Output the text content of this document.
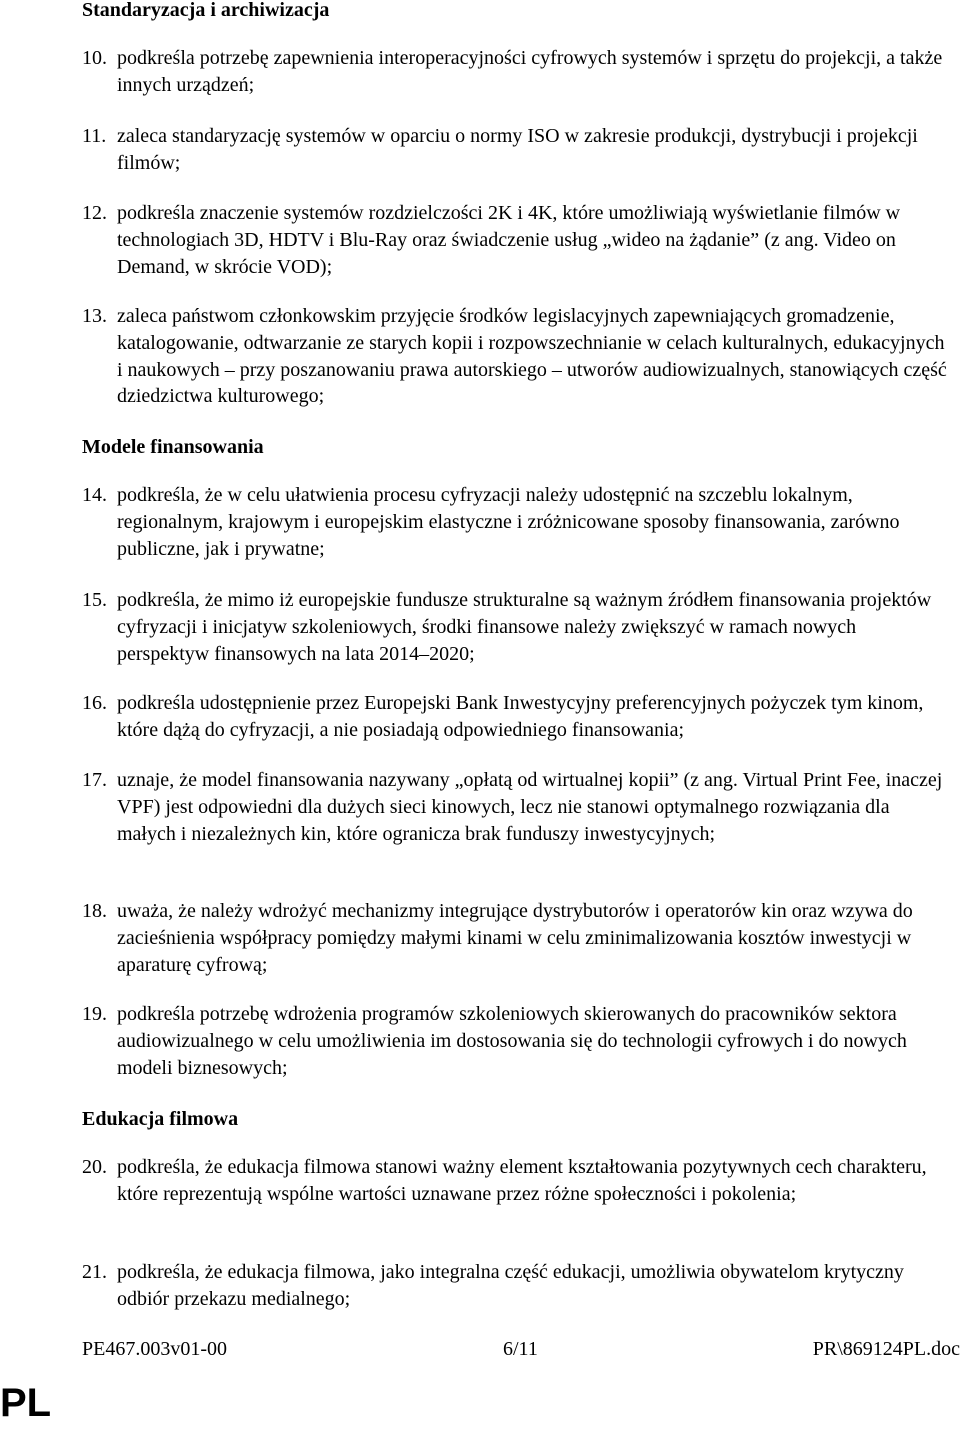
Standaryzacja i archiwizacja
10. podkreśla potrzebę zapewnienia interoperacyjności cyfrowych systemów i sprzętu do projekcji, a także innych urządzeń;
11. zaleca standaryzację systemów w oparciu o normy ISO w zakresie produkcji, dystrybucji i projekcji filmów;
12. podkreśla znaczenie systemów rozdzielczości 2K i 4K, które umożliwiają wyświetlanie filmów w technologiach 3D, HDTV i Blu-Ray oraz świadczenie usług „wideo na żądanie” (z ang. Video on Demand, w skrócie VOD);
13. zaleca państwom członkowskim przyjęcie środków legislacyjnych zapewniających gromadzenie, katalogowanie, odtwarzanie ze starych kopii i rozpowszechnianie w celach kulturalnych, edukacyjnych i naukowych – przy poszanowaniu prawa autorskiego – utworów audiowizualnych, stanowiących część dziedzictwa kulturowego;
Modele finansowania
14. podkreśla, że w celu ułatwienia procesu cyfryzacji należy udostępnić na szczeblu lokalnym, regionalnym, krajowym i europejskim elastyczne i zróżnicowane sposoby finansowania, zarówno publiczne, jak i prywatne;
15. podkreśla, że mimo iż europejskie fundusze strukturalne są ważnym źródłem finansowania projektów cyfryzacji i inicjatyw szkoleniowych, środki finansowe należy zwiększyć w ramach nowych perspektyw finansowych na lata 2014–2020;
16. podkreśla udostępnienie przez Europejski Bank Inwestycyjny preferencyjnych pożyczek tym kinom, które dążą do cyfryzacji, a nie posiadają odpowiedniego finansowania;
17. uznaje, że model finansowania nazywany „opłatą od wirtualnej kopii” (z ang. Virtual Print Fee, inaczej VPF) jest odpowiedni dla dużych sieci kinowych, lecz nie stanowi optymalnego rozwiązania dla małych i niezależnych kin, które ogranicza brak funduszy inwestycyjnych;
18. uważa, że należy wdrożyć mechanizmy integrujące dystrybutorów i operatorów kin oraz wzywa do zacieśnienia współpracy pomiędzy małymi kinami w celu zminimalizowania kosztów inwestycji w aparaturę cyfrową;
19. podkreśla potrzebę wdrożenia programów szkoleniowych skierowanych do pracowników sektora audiowizualnego w celu umożliwienia im dostosowania się do technologii cyfrowych i do nowych modeli biznesowych;
Edukacja filmowa
20. podkreśla, że edukacja filmowa stanowi ważny element kształtowania pozytywnych cech charakteru, które reprezentują wspólne wartości uznawane przez różne społeczności i pokolenia;
21. podkreśla, że edukacja filmowa, jako integralna część edukacji, umożliwia obywatelom krytyczny odbiór przekazu medialnego;
PE467.003v01-00	6/11	PR\869124PL.doc
PL
